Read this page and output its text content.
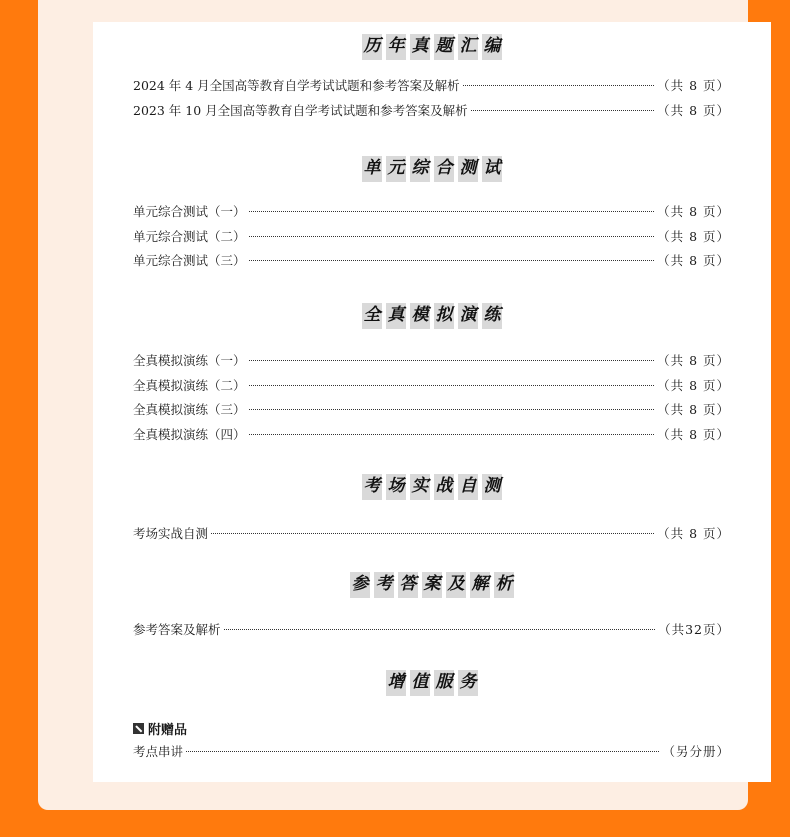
历 年 真 题 汇 编
2024 年 4 月全国高等教育自学考试试题和参考答案及解析	（共 8 页）
2023 年 10 月全国高等教育自学考试试题和参考答案及解析	（共 8 页）
单 元 综 合 测 试
单元综合测试（一）	（共 8 页）
单元综合测试（二）	（共 8 页）
单元综合测试（三）	（共 8 页）
全 真 模 拟 演 练
全真模拟演练（一）	（共 8 页）
全真模拟演练（二）	（共 8 页）
全真模拟演练（三）	（共 8 页）
全真模拟演练（四）	（共 8 页）
考 场 实 战 自 测
考场实战自测	（共 8 页）
参 考 答 案 及 解 析
参考答案及解析	（共32页）
增 值 服 务
附赠品
考点串讲	（另分册）
